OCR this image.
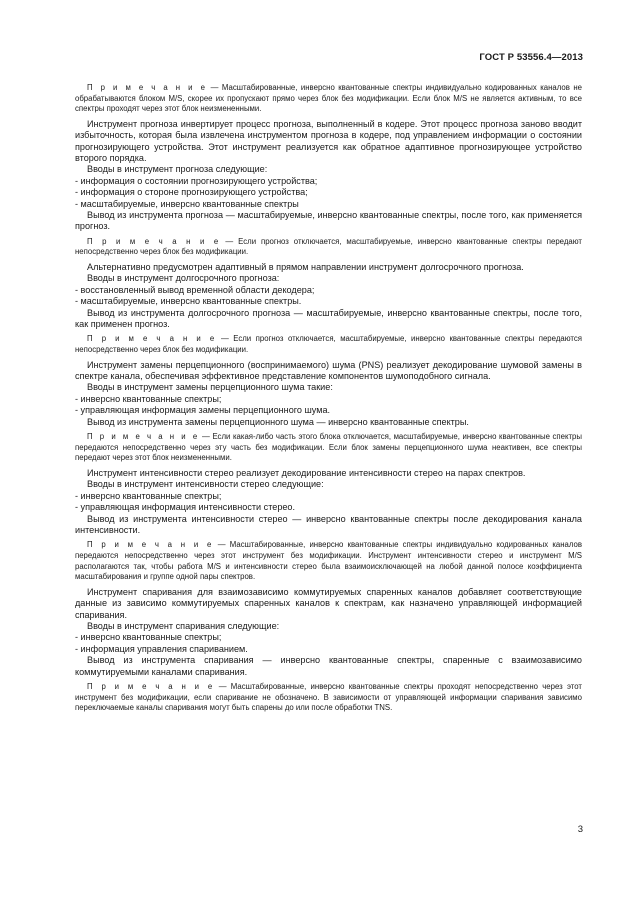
ГОСТ Р 53556.4—2013

П р и м е ч а н и е — Масштабированные, инверсно квантованные спектры индивидуально кодированных каналов не обрабатываются блоком M/S, скорее их пропускают прямо через блок без модификации. Если блок M/S не является активным, то все спектры проходят через этот блок неизмененными.

Инструмент прогноза инвертирует процесс прогноза, выполненный в кодере. Этот процесс прогноза заново вводит избыточность, которая была извлечена инструментом прогноза в кодере, под управлением информации о состоянии прогнозирующего устройства. Этот инструмент реализуется как обратное адаптивное прогнозирующее устройство второго порядка.

Вводы в инструмент прогноза следующие:

- информация о состоянии прогнозирующего устройства;

- информация о стороне прогнозирующего устройства;

- масштабируемые, инверсно квантованные спектры

Вывод из инструмента прогноза — масштабируемые, инверсно квантованные спектры, после того, как применяется прогноз.

П р и м е ч а н и е — Если прогноз отключается, масштабируемые, инверсно квантованные спектры передают непосредственно через блок без модификации.

Альтернативно предусмотрен адаптивный в прямом направлении инструмент долгосрочного прогноза.

Вводы в инструмент долгосрочного прогноза:

- восстановленный вывод временной области декодера;

- масштабируемые, инверсно квантованные спектры.

Вывод из инструмента долгосрочного прогноза — масштабируемые, инверсно квантованные спектры, после того, как применен прогноз.

П р и м е ч а н и е — Если прогноз отключается, масштабируемые, инверсно квантованные спектры передаются непосредственно через блок без модификации.

Инструмент замены перцепционного (воспринимаемого) шума (PNS) реализует декодирование шумовой замены в спектре канала, обеспечивая эффективное представление компонентов шумоподобного сигнала.

Вводы в инструмент замены перцепционного шума такие:

- инверсно квантованные спектры;

- управляющая информация замены перцепционного шума.

Вывод из инструмента замены перцепционного шума — инверсно квантованные спектры.

П р и м е ч а н и е — Если какая-либо часть этого блока отключается, масштабируемые, инверсно квантованные спектры передаются непосредственно через эту часть без модификации. Если блок замены перцепционного шума неактивен, все спектры передают через этот блок неизмененными.

Инструмент интенсивности стерео реализует декодирование интенсивности стерео на парах спектров.

Вводы в инструмент интенсивности стерео следующие:

- инверсно квантованные спектры;

- управляющая информация интенсивности стерео.

Вывод из инструмента интенсивности стерео — инверсно квантованные спектры после декодирования канала интенсивности.

П р и м е ч а н и е — Масштабированные, инверсно квантованные спектры индивидуально кодированных каналов передаются непосредственно через этот инструмент без модификации. Инструмент интенсивности стерео и инструмент M/S располагаются так, чтобы работа M/S и интенсивности стерео была взаимоисключающей на любой данной полосе коэффициента масштабирования и группе одной пары спектров.

Инструмент спаривания для взаимозависимо коммутируемых спаренных каналов добавляет соответствующие данные из зависимо коммутируемых спаренных каналов к спектрам, как назначено управляющей информацией спаривания.

Вводы в инструмент спаривания следующие:

- инверсно квантованные спектры;

- информация управления спариванием.

Вывод из инструмента спаривания — инверсно квантованные спектры, спаренные с взаимозависимо коммутируемыми каналами спаривания.

П р и м е ч а н и е — Масштабированные, инверсно квантованные спектры проходят непосредственно через этот инструмент без модификации, если спаривание не обозначено. В зависимости от управляющей информации спаривания зависимо переключаемые каналы спаривания могут быть спарены до или после обработки TNS.

3
